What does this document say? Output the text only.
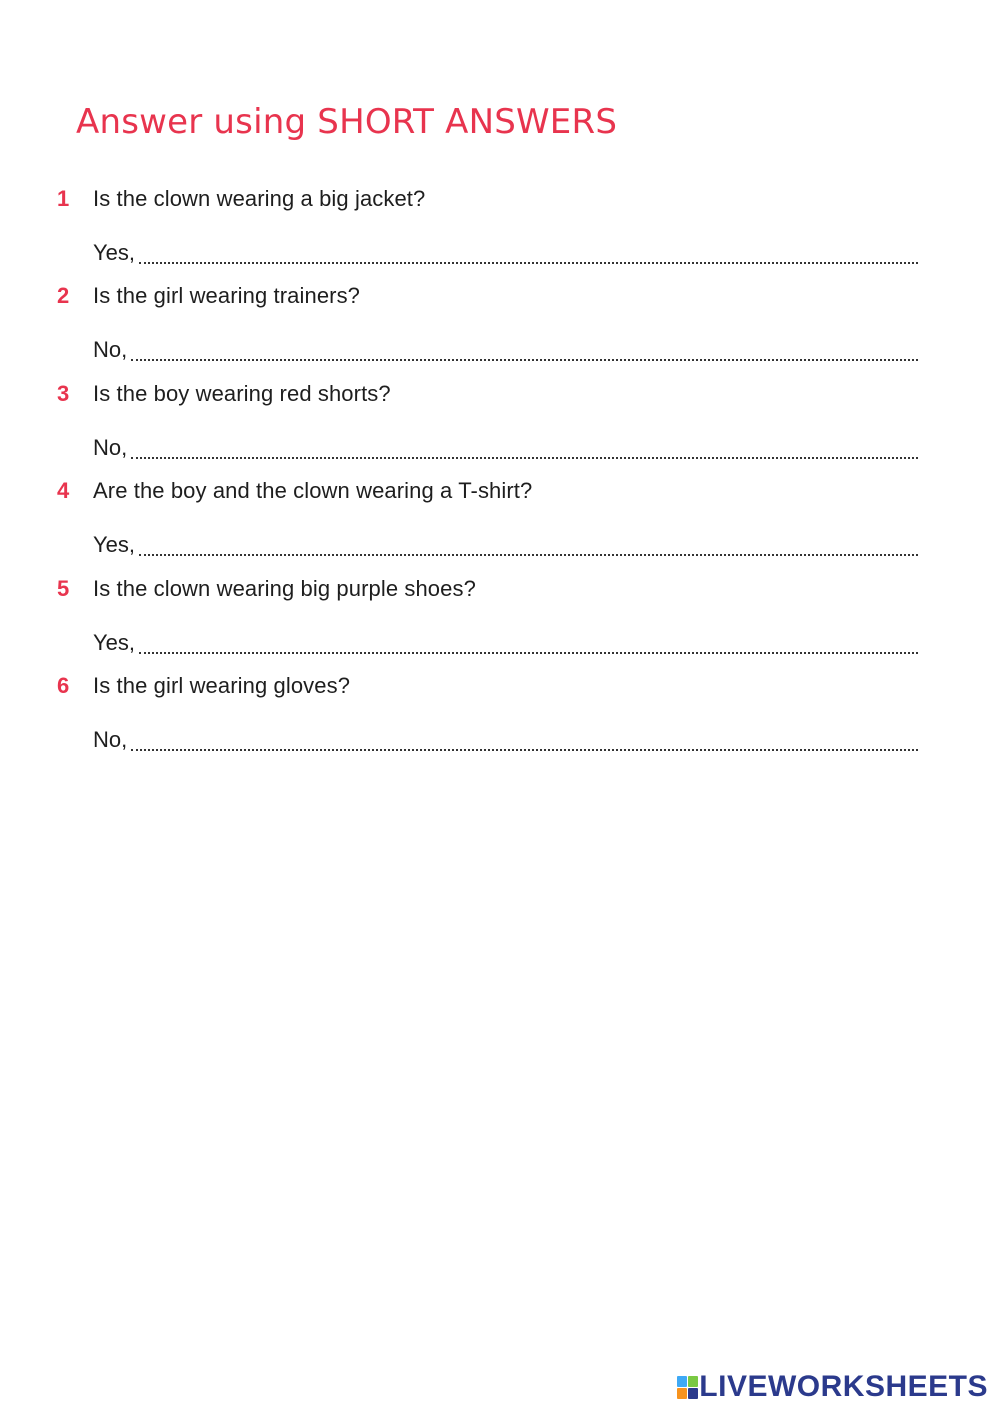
Answer using SHORT ANSWERS
1	Is the clown wearing a big jacket?
Yes,
2	Is the girl wearing trainers?
No,
3	Is the boy wearing red shorts?
No,
4	Are the boy and the clown wearing a T-shirt?
Yes,
5	Is the clown wearing big purple shoes?
Yes,
6	Is the girl wearing gloves?
No,
LIVEWORKSHEETS
